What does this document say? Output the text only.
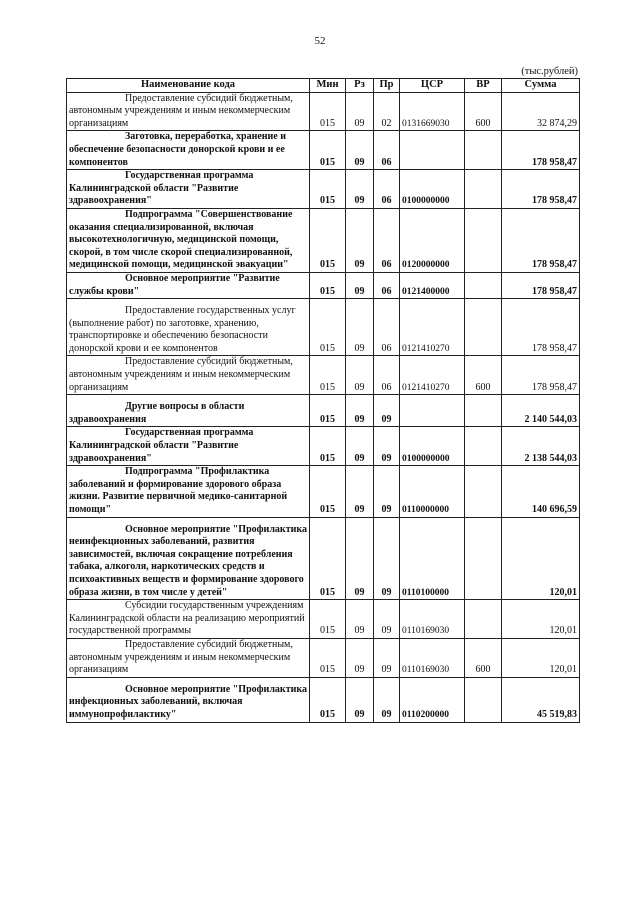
52
(тыс.рублей)
Наименование кода	Мин	Рз	Пр	ЦСР	ВР	Сумма
Предоставление субсидий бюджетным, автономным учреждениям и иным некоммерческим организациям	015	09	02	0131669030	600	32 874,29
Заготовка, переработка, хранение и обеспечение безопасности донорской крови и ее компонентов	015	09	06			178 958,47
Государственная программа Калининградской области "Развитие здравоохранения"	015	09	06	0100000000		178 958,47
Подпрограмма "Совершенствование оказания специализированной, включая высокотехнологичную, медицинской помощи, скорой, в том числе скорой специализированной, медицинской помощи, медицинской эвакуации"	015	09	06	0120000000		178 958,47
Основное мероприятие "Развитие службы крови"	015	09	06	0121400000		178 958,47
Предоставление государственных услуг (выполнение работ) по заготовке, хранению, транспортировке и обеспечению безопасности донорской крови и ее компонентов	015	09	06	0121410270		178 958,47
Предоставление субсидий бюджетным, автономным учреждениям и иным некоммерческим организациям	015	09	06	0121410270	600	178 958,47
Другие вопросы в области здравоохранения	015	09	09			2 140 544,03
Государственная программа Калининградской области "Развитие здравоохранения"	015	09	09	0100000000		2 138 544,03
Подпрограмма "Профилактика заболеваний и формирование здорового образа жизни. Развитие первичной медико-санитарной помощи"	015	09	09	0110000000		140 696,59
Основное мероприятие "Профилактика неинфекционных заболеваний, развития зависимостей, включая сокращение потребления табака, алкоголя, наркотических средств и психоактивных веществ и формирование здорового образа жизни, в том числе у детей"	015	09	09	0110100000		120,01
Субсидии государственным учреждениям Калининградской области на реализацию мероприятий государственной программы	015	09	09	0110169030		120,01
Предоставление субсидий бюджетным, автономным учреждениям и иным некоммерческим организациям	015	09	09	0110169030	600	120,01
Основное мероприятие "Профилактика инфекционных заболеваний, включая иммунопрофилактику"	015	09	09	0110200000		45 519,83
